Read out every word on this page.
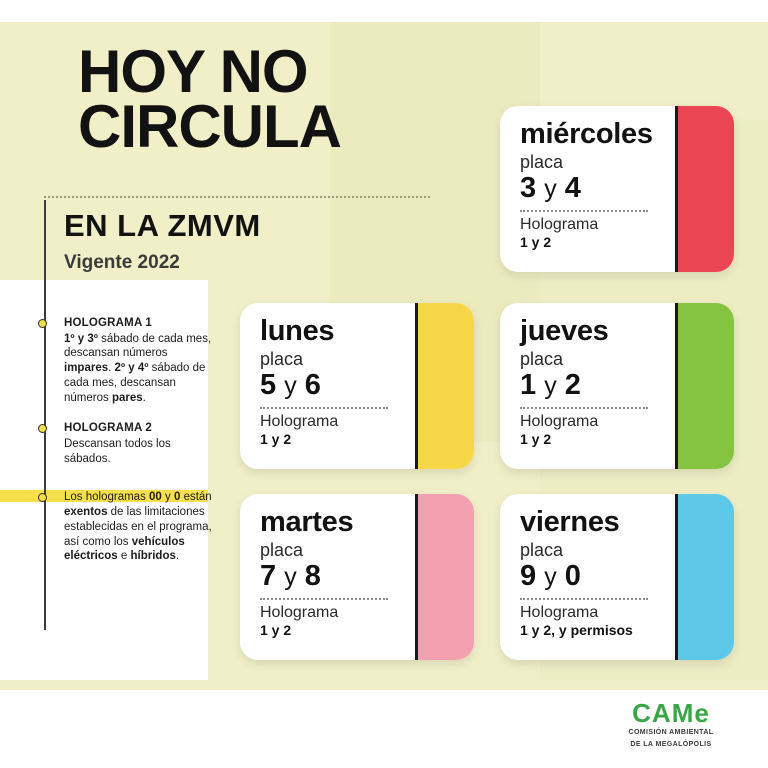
HOY NO
CIRCULA
EN LA ZMVM
Vigente 2022
HOLOGRAMA 1
1º y 3º sábado de cada mes, descansan números impares. 2º y 4º sábado de cada mes, descansan números pares.
HOLOGRAMA 2
Descansan todos los sábados.
Los hologramas 00 y 0 están exentos de las limitaciones establecidas en el programa, así como los vehículos eléctricos e híbridos.
lunes
placa
5 y 6
Holograma
1 y 2
martes
placa
7 y 8
Holograma
1 y 2
miércoles
placa
3 y 4
Holograma
1 y 2
jueves
placa
1 y 2
Holograma
1 y 2
viernes
placa
9 y 0
Holograma
1 y 2, y permisos
CAMe
COMISIÓN AMBIENTAL
DE LA MEGALÓPOLIS
